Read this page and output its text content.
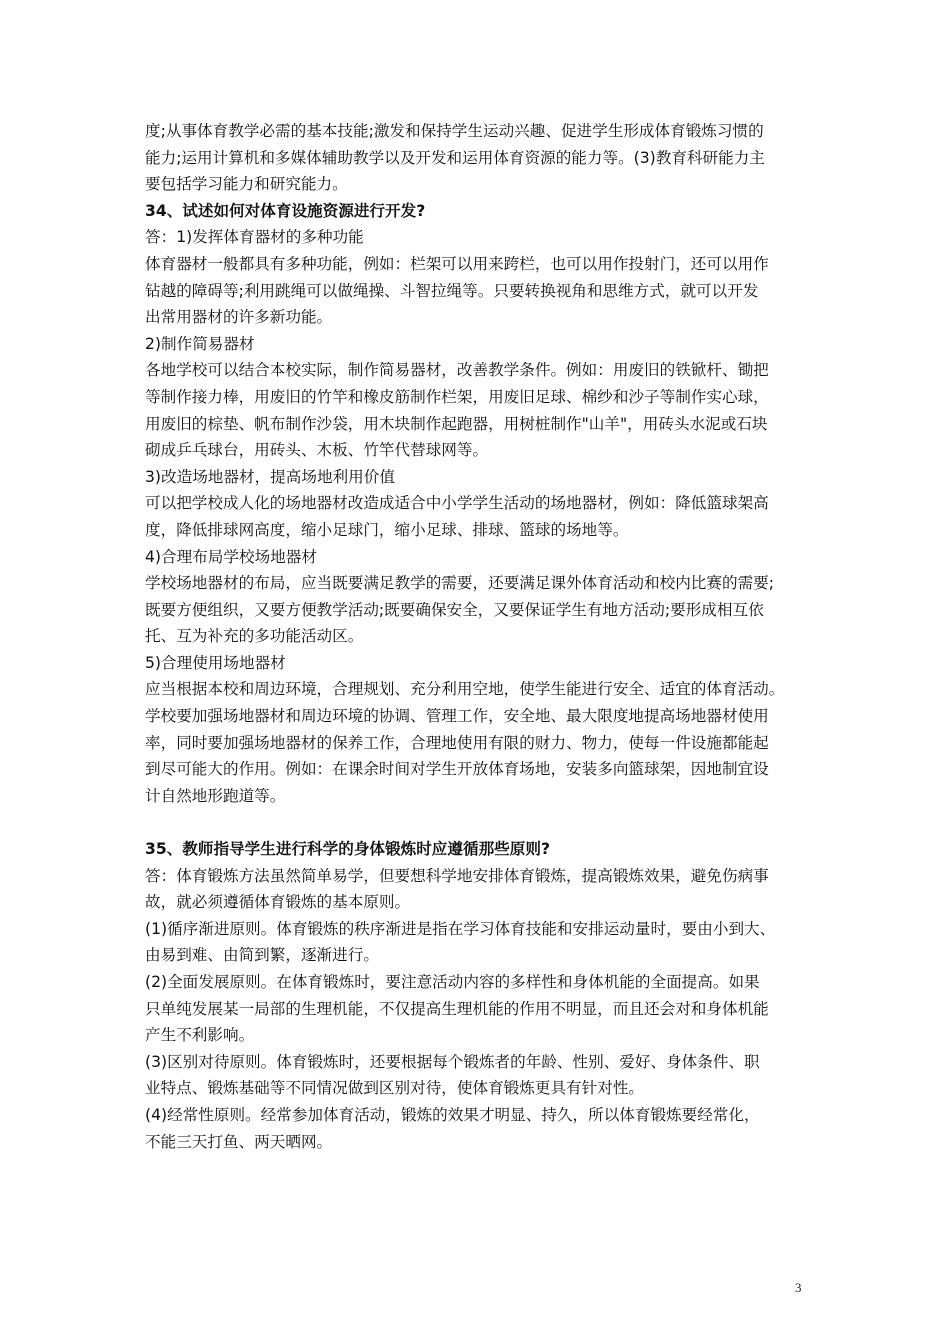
度;从事体育教学必需的基本技能;激发和保持学生运动兴趣、促进学生形成体育锻炼习惯的

能力;运用计算机和多媒体辅助教学以及开发和运用体育资源的能力等。(3)教育科研能力主

要包括学习能力和研究能力。

34、试述如何对体育设施资源进行开发?

答：1)发挥体育器材的多种功能

体育器材一般都具有多种功能，例如：栏架可以用来跨栏，也可以用作投射门，还可以用作

钻越的障碍等;利用跳绳可以做绳操、斗智拉绳等。只要转换视角和思维方式，就可以开发

出常用器材的许多新功能。

2)制作简易器材

各地学校可以结合本校实际，制作简易器材，改善教学条件。例如：用废旧的铁锨杆、锄把

等制作接力棒，用废旧的竹竿和橡皮筋制作栏架，用废旧足球、棉纱和沙子等制作实心球，

用废旧的棕垫、帆布制作沙袋，用木块制作起跑器，用树桩制作"山羊"，用砖头水泥或石块

砌成乒乓球台，用砖头、木板、竹竿代替球网等。

3)改造场地器材，提高场地利用价值

可以把学校成人化的场地器材改造成适合中小学学生活动的场地器材，例如：降低篮球架高

度，降低排球网高度，缩小足球门，缩小足球、排球、篮球的场地等。

4)合理布局学校场地器材

学校场地器材的布局，应当既要满足教学的需要，还要满足课外体育活动和校内比赛的需要;

既要方便组织，又要方便教学活动;既要确保安全，又要保证学生有地方活动;要形成相互依

托、互为补充的多功能活动区。

5)合理使用场地器材

应当根据本校和周边环境，合理规划、充分利用空地，使学生能进行安全、适宜的体育活动。

学校要加强场地器材和周边环境的协调、管理工作，安全地、最大限度地提高场地器材使用

率，同时要加强场地器材的保养工作，合理地使用有限的财力、物力，使每一件设施都能起

到尽可能大的作用。例如：在课余时间对学生开放体育场地，安装多向篮球架，因地制宜设

计自然地形跑道等。

35、教师指导学生进行科学的身体锻炼时应遵循那些原则?

答：体育锻炼方法虽然简单易学，但要想科学地安排体育锻炼，提高锻炼效果，避免伤病事

故，就必须遵循体育锻炼的基本原则。

(1)循序渐进原则。体育锻炼的秩序渐进是指在学习体育技能和安排运动量时，要由小到大、

由易到难、由简到繁，逐渐进行。

(2)全面发展原则。在体育锻炼时，要注意活动内容的多样性和身体机能的全面提高。如果

只单纯发展某一局部的生理机能，不仅提高生理机能的作用不明显，而且还会对和身体机能

产生不利影响。

(3)区别对待原则。体育锻炼时，还要根据每个锻炼者的年龄、性别、爱好、身体条件、职

业特点、锻炼基础等不同情况做到区别对待，使体育锻炼更具有针对性。

(4)经常性原则。经常参加体育活动，锻炼的效果才明显、持久，所以体育锻炼要经常化，

不能三天打鱼、两天晒网。

3
